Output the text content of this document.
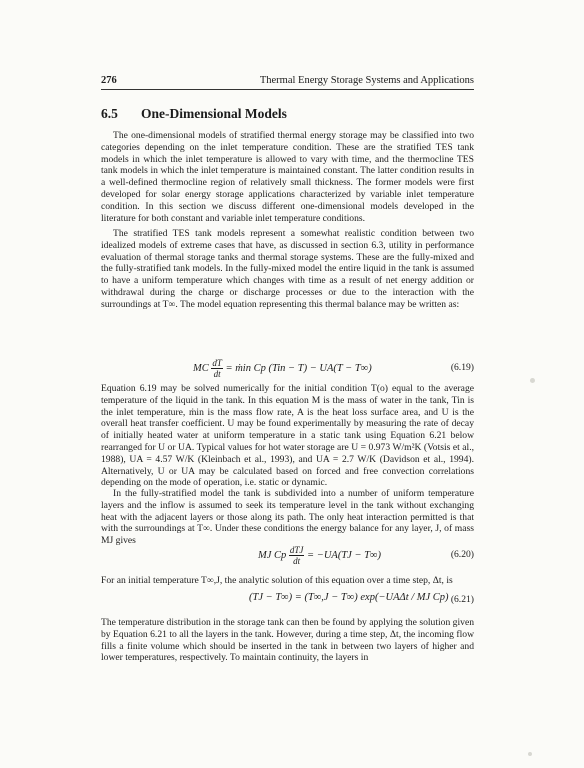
276	Thermal Energy Storage Systems and Applications
6.5 One-Dimensional Models

The one-dimensional models of stratified thermal energy storage may be classified into two categories depending on the inlet temperature condition. These are the stratified TES tank models in which the inlet temperature is allowed to vary with time, and the thermocline TES tank models in which the inlet temperature is maintained constant. The latter condition results in a well-defined thermocline region of relatively small thickness. The former models were first developed for solar energy storage applications characterized by variable inlet temperature condition. In this section we discuss different one-dimensional models developed in the literature for both constant and variable inlet temperature conditions.

The stratified TES tank models represent a somewhat realistic condition between two idealized models of extreme cases that have, as discussed in section 6.3, utility in performance evaluation of thermal storage tanks and thermal storage systems. These are the fully-mixed and the fully-stratified tank models. In the fully-mixed model the entire liquid in the tank is assumed to have a uniform temperature which changes with time as a result of net energy addition or withdrawal during the charge or discharge processes or due to the interaction with the surroundings at T∞. The model equation representing this thermal balance may be written as:

MC $\frac{dT}{dt}$ = ṁin Cp (Tin − T) − UA(T − T∞)	(6.19)

Equation 6.19 may be solved numerically for the initial condition T(o) equal to the average temperature of the liquid in the tank. In this equation M is the mass of water in the tank, Tin is the inlet temperature, ṁin is the mass flow rate, A is the heat loss surface area, and U is the overall heat transfer coefficient. U may be found experimentally by measuring the rate of decay of initially heated water at uniform temperature in a static tank using Equation 6.21 below rearranged for U or UA. Typical values for hot water storage are U = 0.973 W/m²K (Votsis et al., 1988), UA = 4.57 W/K (Kleinbach et al., 1993), and UA = 2.7 W/K (Davidson et al., 1994). Alternatively, U or UA may be calculated based on forced and free convection correlations depending on the mode of operation, i.e. static or dynamic.

In the fully-stratified model the tank is subdivided into a number of uniform temperature layers and the inflow is assumed to seek its temperature level in the tank without exchanging heat with the adjacent layers or those along its path. The only heat interaction permitted is that with the surroundings at T∞. Under these conditions the energy balance for any layer, J, of mass MJ gives

MJ Cp $\frac{\text{dTJ}}{dt} = -UA(TJ - T\infty)$	(6.20)

For an initial temperature T∞,J, the analytic solution of this equation over a time step, Δt, is

(TJ − T∞) = (T∞,J − T∞) exp(−UAΔt / MJ Cp) (6.21)

The temperature distribution in the storage tank can then be found by applying the solution given by Equation 6.21 to all the layers in the tank. However, during a time step, Δt, the incoming flow fills a finite volume which should be inserted in the tank in between two layers of higher and lower temperatures, respectively. To maintain continuity, the layers in
